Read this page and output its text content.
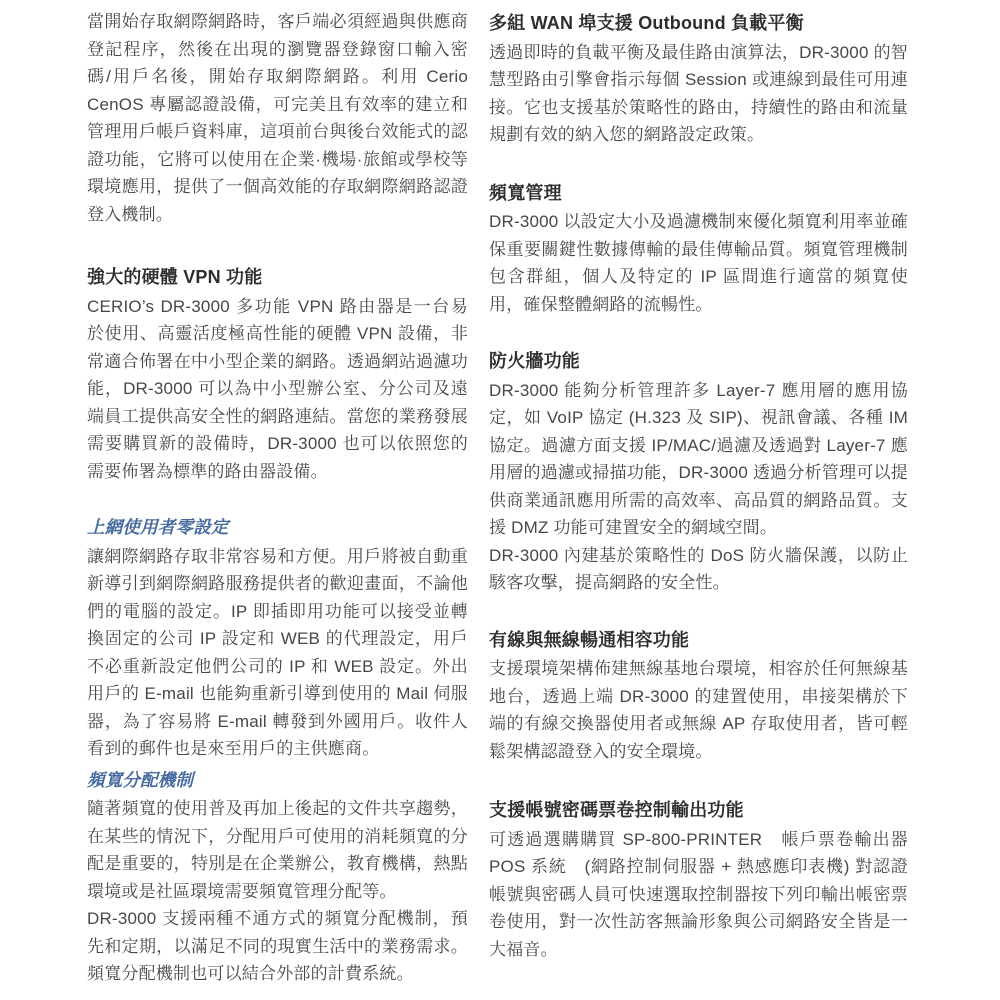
當開始存取網際網路時，客戶端必須經過與供應商登記程序，然後在出現的瀏覽器登錄窗口輸入密碼/用戶名後，開始存取網際網路。利用 Cerio CenOS 專屬認證設備，可完美且有效率的建立和管理用戶帳戶資料庫，這項前台與後台效能式的認證功能，它將可以使用在企業·機場·旅館或學校等環境應用，提供了一個高效能的存取網際網路認證登入機制。

強大的硬體 VPN 功能

CERIO’s DR-3000 多功能 VPN 路由器是一台易於使用、高靈活度極高性能的硬體 VPN 設備，非常適合佈署在中小型企業的網路。透過網站過濾功能，DR-3000 可以為中小型辦公室、分公司及遠端員工提供高安全性的網路連結。當您的業務發展需要購買新的設備時，DR-3000 也可以依照您的需要佈署為標準的路由器設備。

上網使用者零設定

讓網際網路存取非常容易和方便。用戶將被自動重新導引到網際網路服務提供者的歡迎畫面，不論他們的電腦的設定。IP 即插即用功能可以接受並轉換固定的公司 IP 設定和 WEB 的代理設定，用戶不必重新設定他們公司的 IP 和 WEB 設定。外出用戶的 E-mail 也能夠重新引導到使用的 Mail 伺服器，為了容易將 E-mail 轉發到外國用戶。收件人看到的郵件也是來至用戶的主供應商。

頻寬分配機制

隨著頻寬的使用普及再加上後起的文件共享趨勢，在某些的情況下，分配用戶可使用的消耗頻寬的分配是重要的，特別是在企業辦公，教育機構，熱點環境或是社區環境需要頻寬管理分配等。

DR-3000 支援兩種不通方式的頻寬分配機制，預先和定期，以滿足不同的現實生活中的業務需求。頻寬分配機制也可以結合外部的計費系統。

多組 WAN 埠支援 Outbound 負載平衡

透過即時的負載平衡及最佳路由演算法，DR-3000 的智慧型路由引擎會指示每個 Session 或連線到最佳可用連接。它也支援基於策略性的路由，持續性的路由和流量規劃有效的納入您的網路設定政策。

頻寬管理

DR-3000 以設定大小及過濾機制來優化頻寬利用率並確保重要關鍵性數據傳輸的最佳傳輸品質。頻寬管理機制包含群組，個人及特定的 IP 區間進行適當的頻寬使用，確保整體網路的流暢性。

防火牆功能

DR-3000 能夠分析管理許多 Layer-7 應用層的應用協定，如 VoIP 協定 (H.323 及 SIP)、視訊會議、各種 IM 協定。過濾方面支援 IP/MAC/過濾及透過對 Layer-7 應用層的過濾或掃描功能，DR-3000 透過分析管理可以提供商業通訊應用所需的高效率、高品質的網路品質。支援 DMZ 功能可建置安全的網域空間。

DR-3000 內建基於策略性的 DoS 防火牆保護，以防止駭客攻擊，提高網路的安全性。

有線與無線暢通相容功能

支援環境架構佈建無線基地台環境，相容於任何無線基地台，透過上端 DR-3000 的建置使用，串接架構於下端的有線交換器使用者或無線 AP 存取使用者，皆可輕鬆架構認證登入的安全環境。

支援帳號密碼票卷控制輸出功能

可透過選購購買 SP-800-PRINTER　帳戶票卷輸出器 POS 系統　(網路控制伺服器 + 熱感應印表機) 對認證帳號與密碼人員可快速選取控制器按下列印輸出帳密票卷使用，對一次性訪客無論形象與公司網路安全皆是一大福音。
